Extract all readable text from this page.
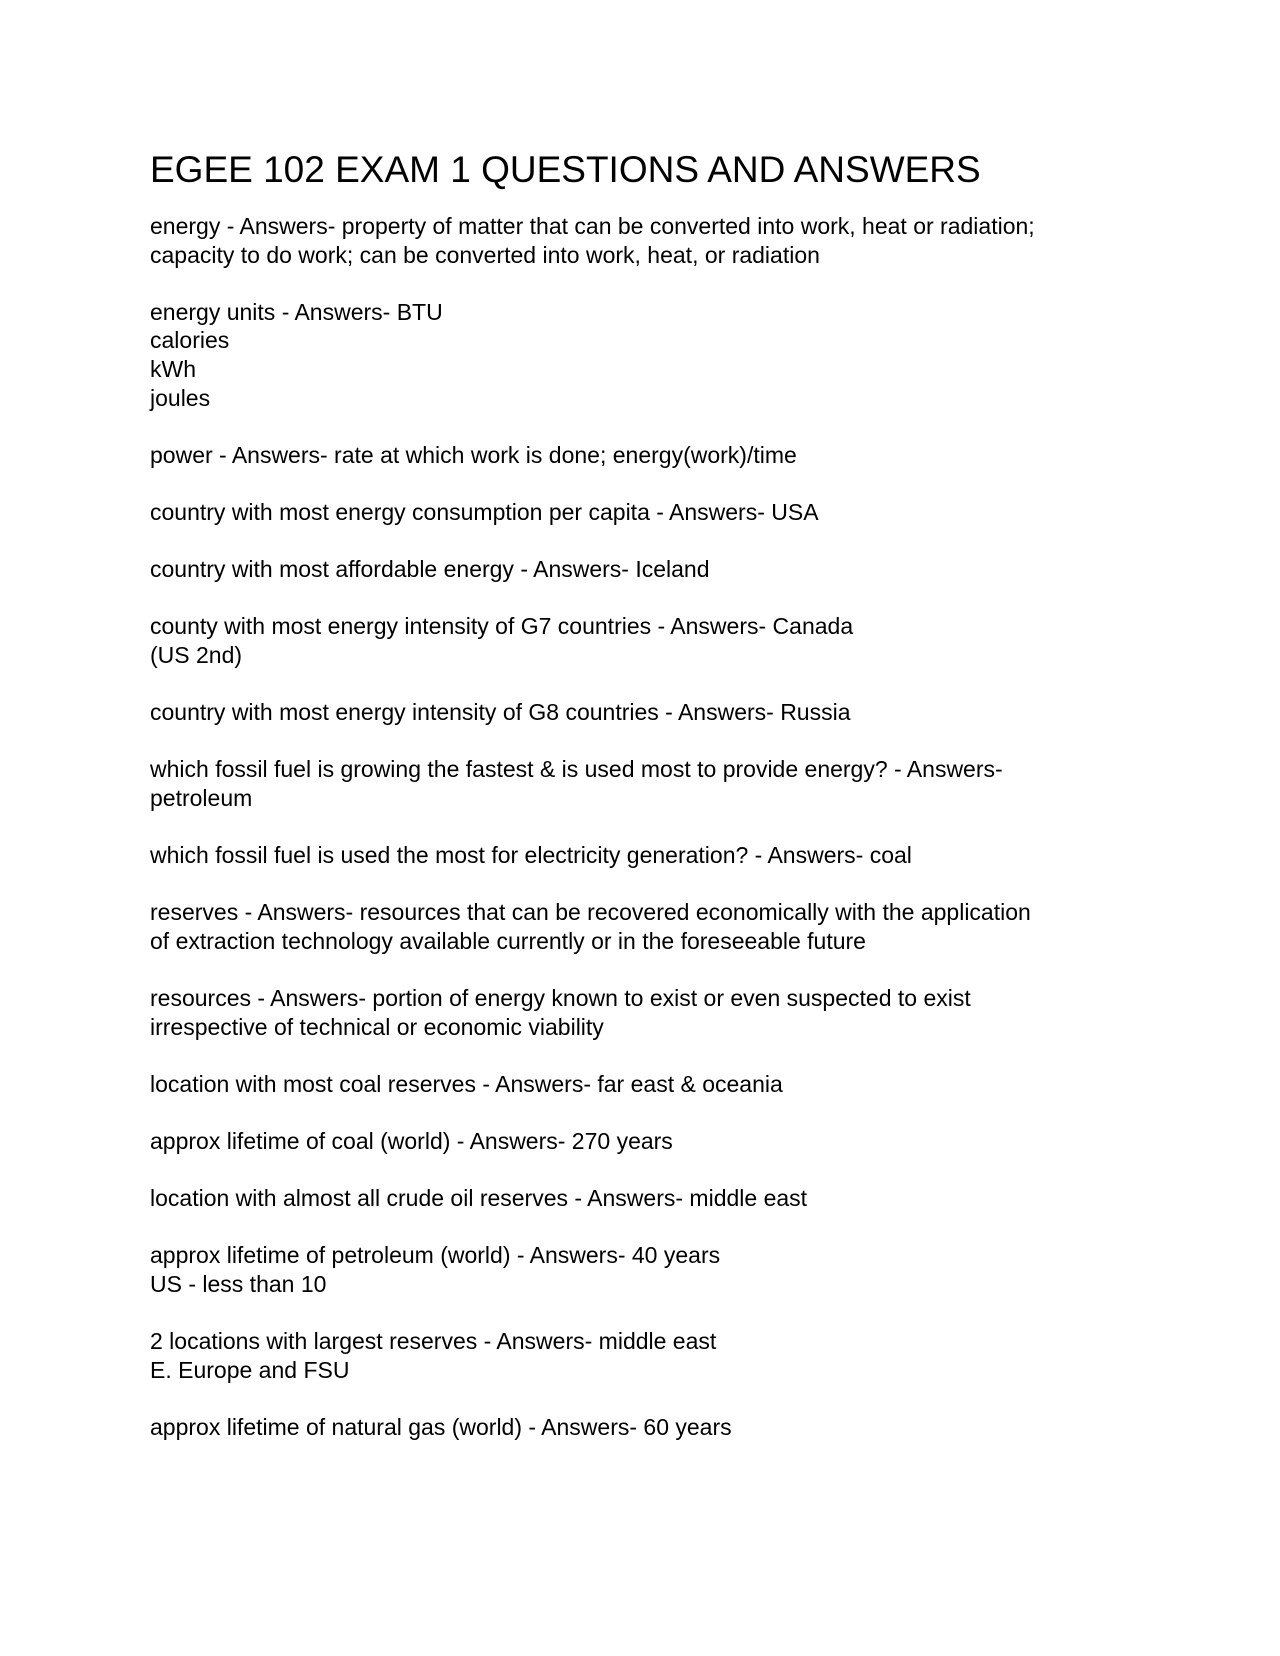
EGEE 102 EXAM 1 QUESTIONS AND ANSWERS
energy - Answers- property of matter that can be converted into work, heat or radiation;
capacity to do work; can be converted into work, heat, or radiation
energy units - Answers- BTU
calories
kWh
joules
power - Answers- rate at which work is done; energy(work)/time
country with most energy consumption per capita - Answers- USA
country with most affordable energy - Answers- Iceland
county with most energy intensity of G7 countries - Answers- Canada
(US 2nd)
country with most energy intensity of G8 countries - Answers- Russia
which fossil fuel is growing the fastest & is used most to provide energy? - Answers-
petroleum
which fossil fuel is used the most for electricity generation? - Answers- coal
reserves - Answers- resources that can be recovered economically with the application
of extraction technology available currently or in the foreseeable future
resources - Answers- portion of energy known to exist or even suspected to exist
irrespective of technical or economic viability
location with most coal reserves - Answers- far east & oceania
approx lifetime of coal (world) - Answers- 270 years
location with almost all crude oil reserves - Answers- middle east
approx lifetime of petroleum (world) - Answers- 40 years
US - less than 10
2 locations with largest reserves - Answers- middle east
E. Europe and FSU
approx lifetime of natural gas (world) - Answers- 60 years
